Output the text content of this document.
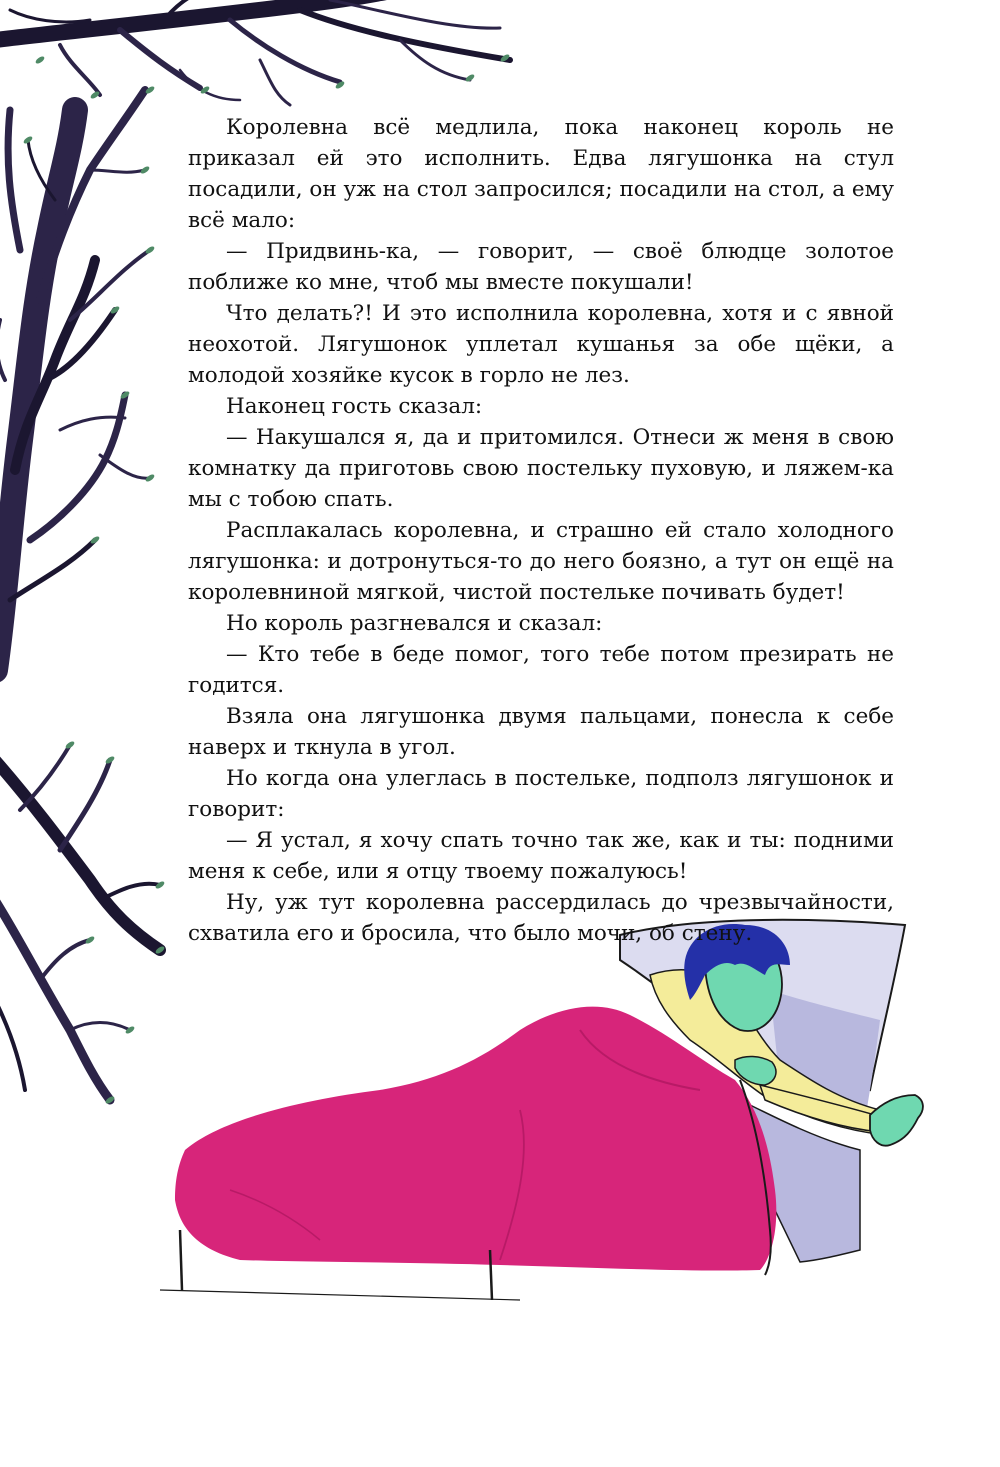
Королевна всё медлила, пока наконец король не приказал ей это исполнить. Едва лягушонка на стул посадили, он уж на стол запросился; посадили на стол, а ему всё мало:

— Придвинь-ка, — говорит, — своё блюдце золотое поближе ко мне, чтоб мы вместе покушали!

Что делать?! И это исполнила королевна, хотя и с явной неохотой. Лягушонок уплетал кушанья за обе щёки, а молодой хозяйке кусок в горло не лез.

Наконец гость сказал:

— Накушался я, да и притомился. Отнеси ж меня в свою комнатку да приготовь свою постельку пуховую, и ляжем-ка мы с тобою спать.

Расплакалась королевна, и страшно ей стало холодного лягушонка: и дотронуться-то до него боязно, а тут он ещё на королевниной мягкой, чистой постельке почивать будет!

Но король разгневался и сказал:

— Кто тебе в беде помог, того тебе потом презирать не годится.

Взяла она лягушонка двумя пальцами, понесла к себе наверх и ткнула в угол.

Но когда она улеглась в постельке, подполз лягушонок и говорит:

— Я устал, я хочу спать точно так же, как и ты: подними меня к себе, или я отцу твоему пожалуюсь!

Ну, уж тут королевна рассердилась до чрезвычайности, схватила его и бросила, что было мочи, об стену.
